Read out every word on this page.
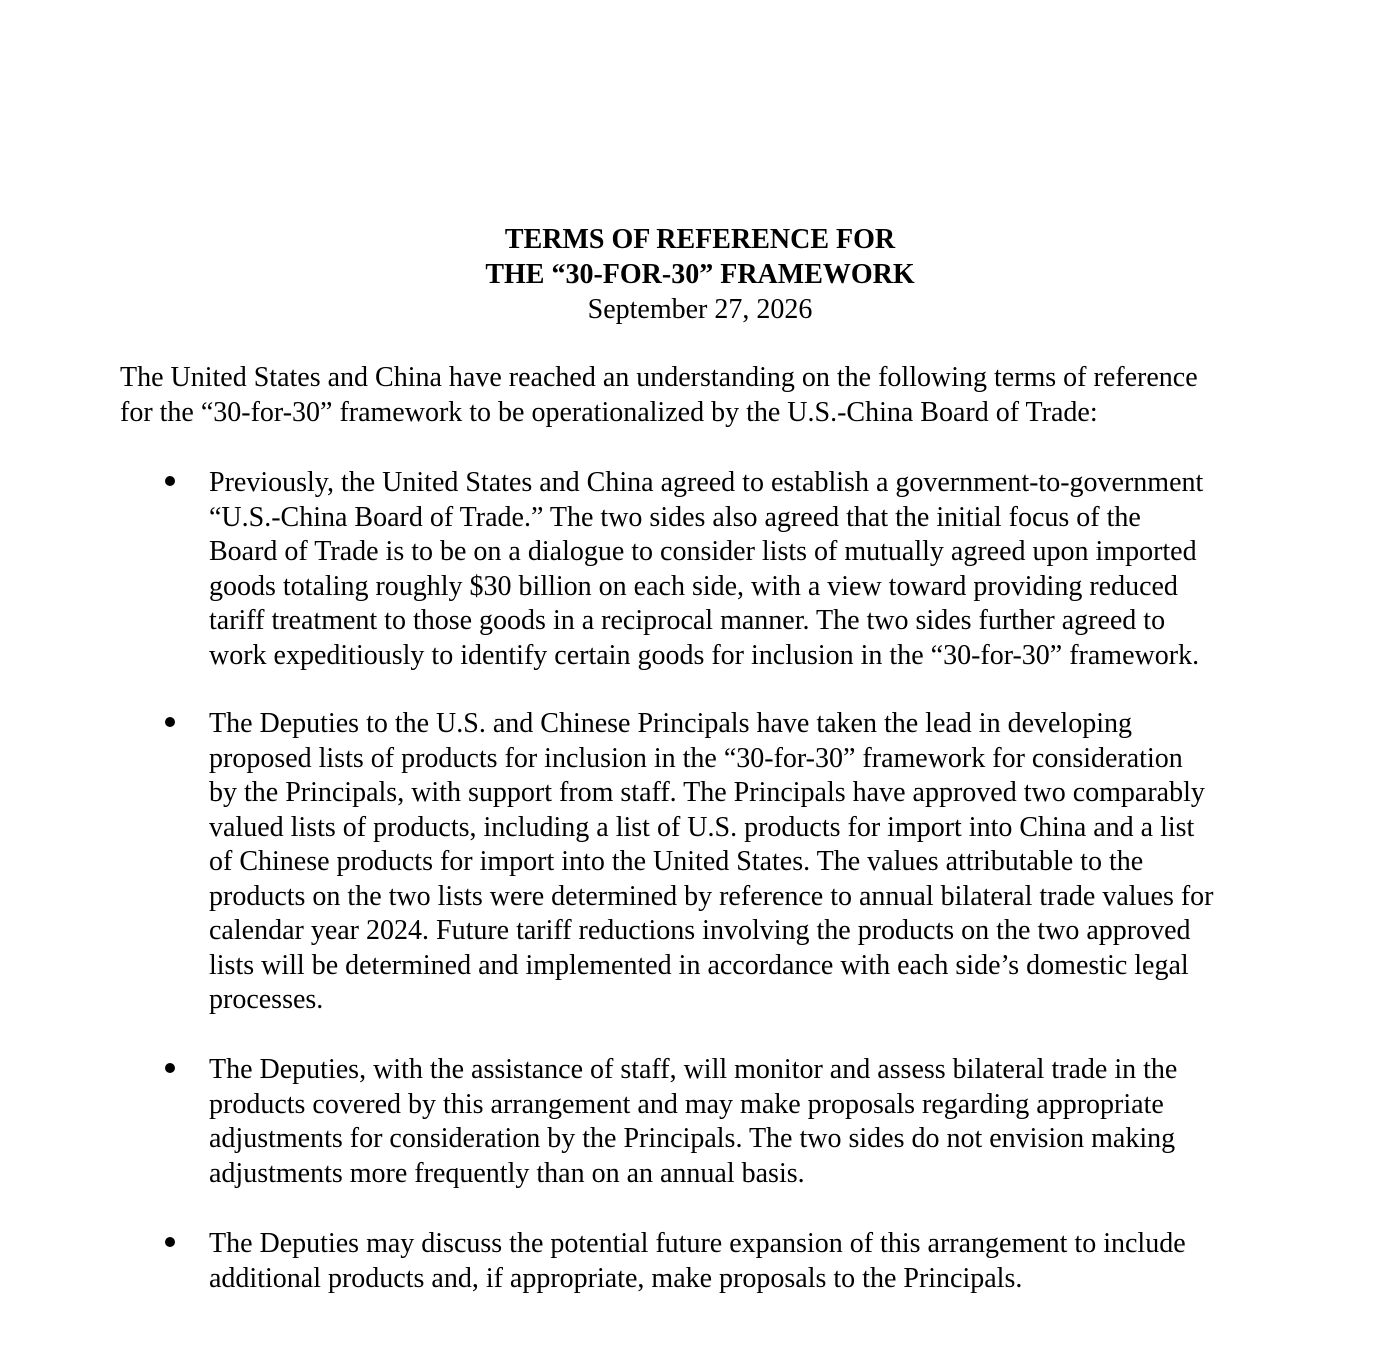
TERMS OF REFERENCE FOR
THE “30-FOR-30” FRAMEWORK
September 27, 2026
The United States and China have reached an understanding on the following terms of reference
for the “30-for-30” framework to be operationalized by the U.S.-China Board of Trade:
Previously, the United States and China agreed to establish a government-to-government
“U.S.-China Board of Trade.” The two sides also agreed that the initial focus of the
Board of Trade is to be on a dialogue to consider lists of mutually agreed upon imported
goods totaling roughly $30 billion on each side, with a view toward providing reduced
tariff treatment to those goods in a reciprocal manner. The two sides further agreed to
work expeditiously to identify certain goods for inclusion in the “30-for-30” framework.
The Deputies to the U.S. and Chinese Principals have taken the lead in developing
proposed lists of products for inclusion in the “30-for-30” framework for consideration
by the Principals, with support from staff. The Principals have approved two comparably
valued lists of products, including a list of U.S. products for import into China and a list
of Chinese products for import into the United States. The values attributable to the
products on the two lists were determined by reference to annual bilateral trade values for
calendar year 2024. Future tariff reductions involving the products on the two approved
lists will be determined and implemented in accordance with each side’s domestic legal
processes.
The Deputies, with the assistance of staff, will monitor and assess bilateral trade in the
products covered by this arrangement and may make proposals regarding appropriate
adjustments for consideration by the Principals. The two sides do not envision making
adjustments more frequently than on an annual basis.
The Deputies may discuss the potential future expansion of this arrangement to include
additional products and, if appropriate, make proposals to the Principals.
